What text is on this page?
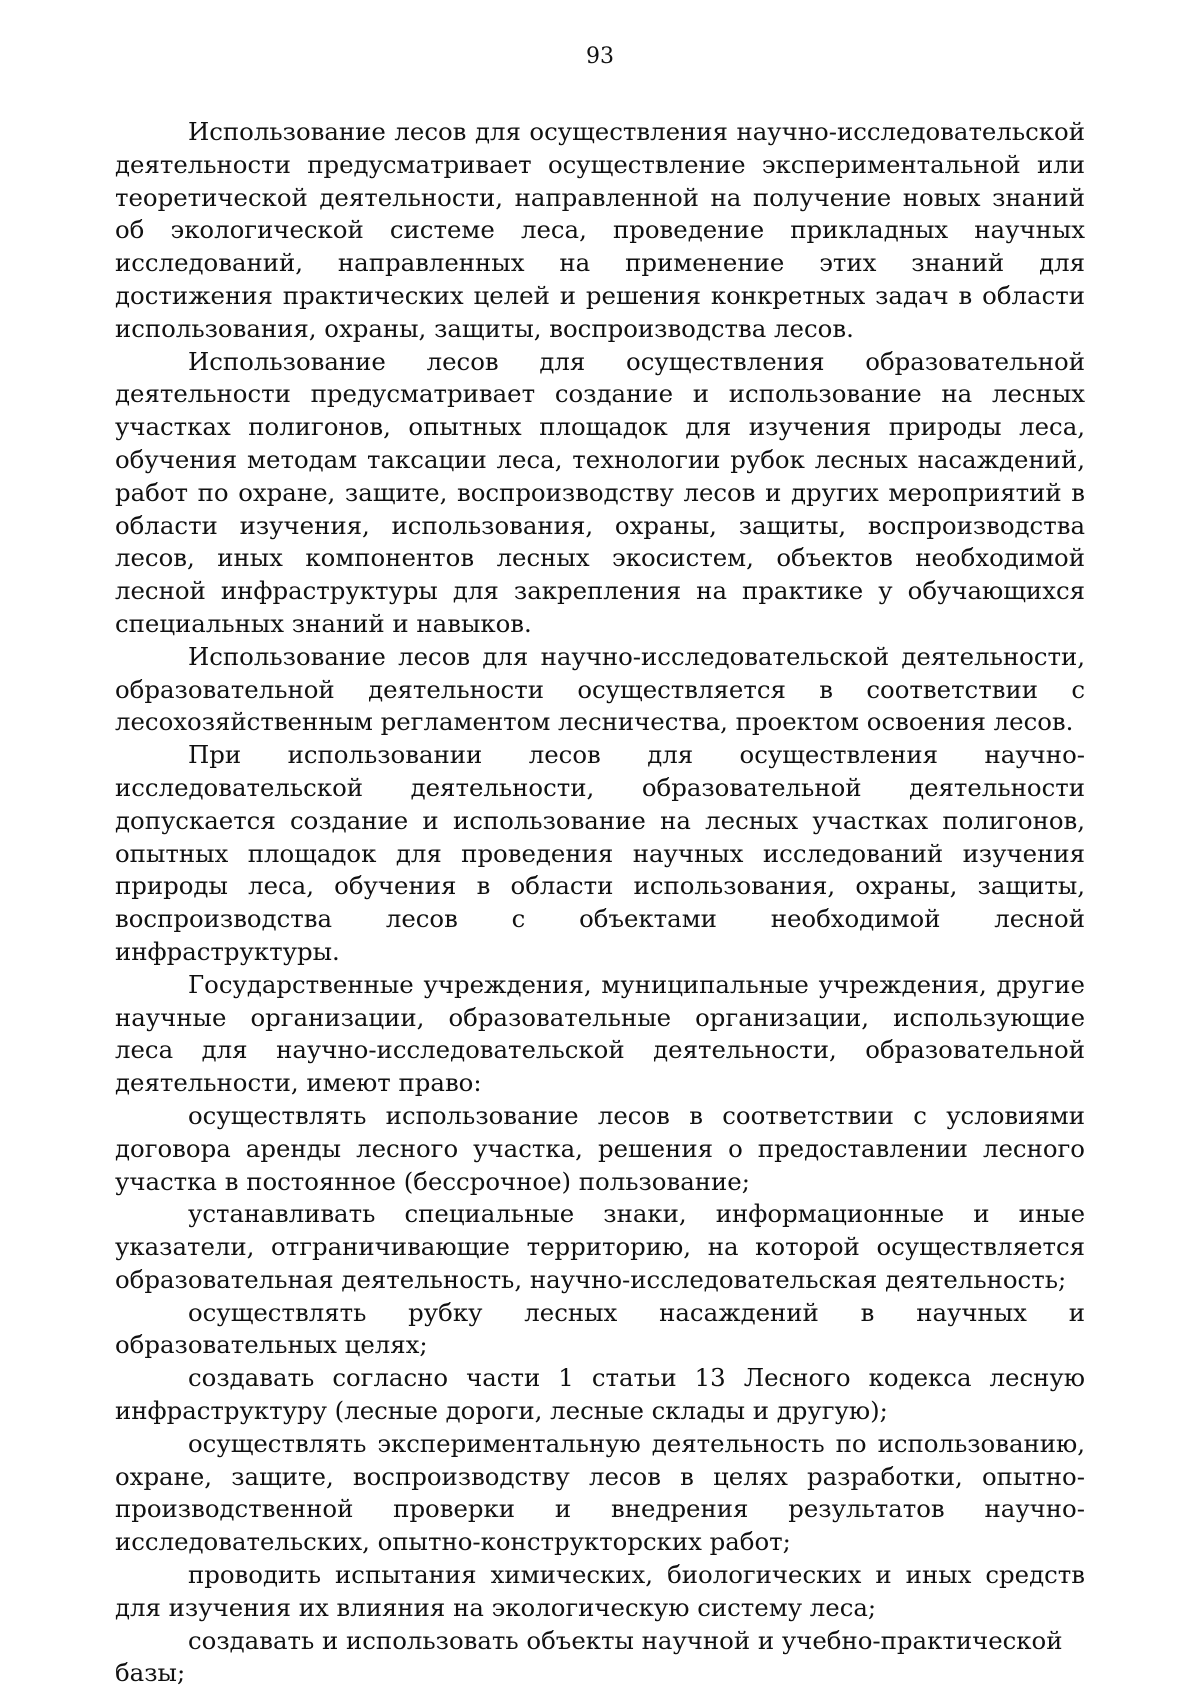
93

Использование лесов для осуществления научно-исследовательской деятельности предусматривает осуществление экспериментальной или теоретической деятельности, направленной на получение новых знаний об экологической системе леса, проведение прикладных научных исследований, направленных на применение этих знаний для достижения практических целей и решения конкретных задач в области использования, охраны, защиты, воспроизводства лесов.

Использование лесов для осуществления образовательной деятельности предусматривает создание и использование на лесных участках полигонов, опытных площадок для изучения природы леса, обучения методам таксации леса, технологии рубок лесных насаждений, работ по охране, защите, воспроизводству лесов и других мероприятий в области изучения, использования, охраны, защиты, воспроизводства лесов, иных компонентов лесных экосистем, объектов необходимой лесной инфраструктуры для закрепления на практике у обучающихся специальных знаний и навыков.

Использование лесов для научно-исследовательской деятельности, образовательной деятельности осуществляется в соответствии с лесохозяйственным регламентом лесничества, проектом освоения лесов.

При использовании лесов для осуществления научно-исследовательской деятельности, образовательной деятельности допускается создание и использование на лесных участках полигонов, опытных площадок для проведения научных исследований изучения природы леса, обучения в области использования, охраны, защиты, воспроизводства лесов с объектами необходимой лесной инфраструктуры.

Государственные учреждения, муниципальные учреждения, другие научные организации, образовательные организации, использующие леса для научно-исследовательской деятельности, образовательной деятельности, имеют право:

осуществлять использование лесов в соответствии с условиями договора аренды лесного участка, решения о предоставлении лесного участка в постоянное (бессрочное) пользование;

устанавливать специальные знаки, информационные и иные указатели, отграничивающие территорию, на которой осуществляется образовательная деятельность, научно-исследовательская деятельность;

осуществлять рубку лесных насаждений в научных и образовательных целях;

создавать согласно части 1 статьи 13 Лесного кодекса лесную инфраструктуру (лесные дороги, лесные склады и другую);

осуществлять экспериментальную деятельность по использованию, охране, защите, воспроизводству лесов в целях разработки, опытно-производственной проверки и внедрения результатов научно-исследовательских, опытно-конструкторских работ;

проводить испытания химических, биологических и иных средств для изучения их влияния на экологическую систему леса;

создавать и использовать объекты научной и учебно-практической базы;
